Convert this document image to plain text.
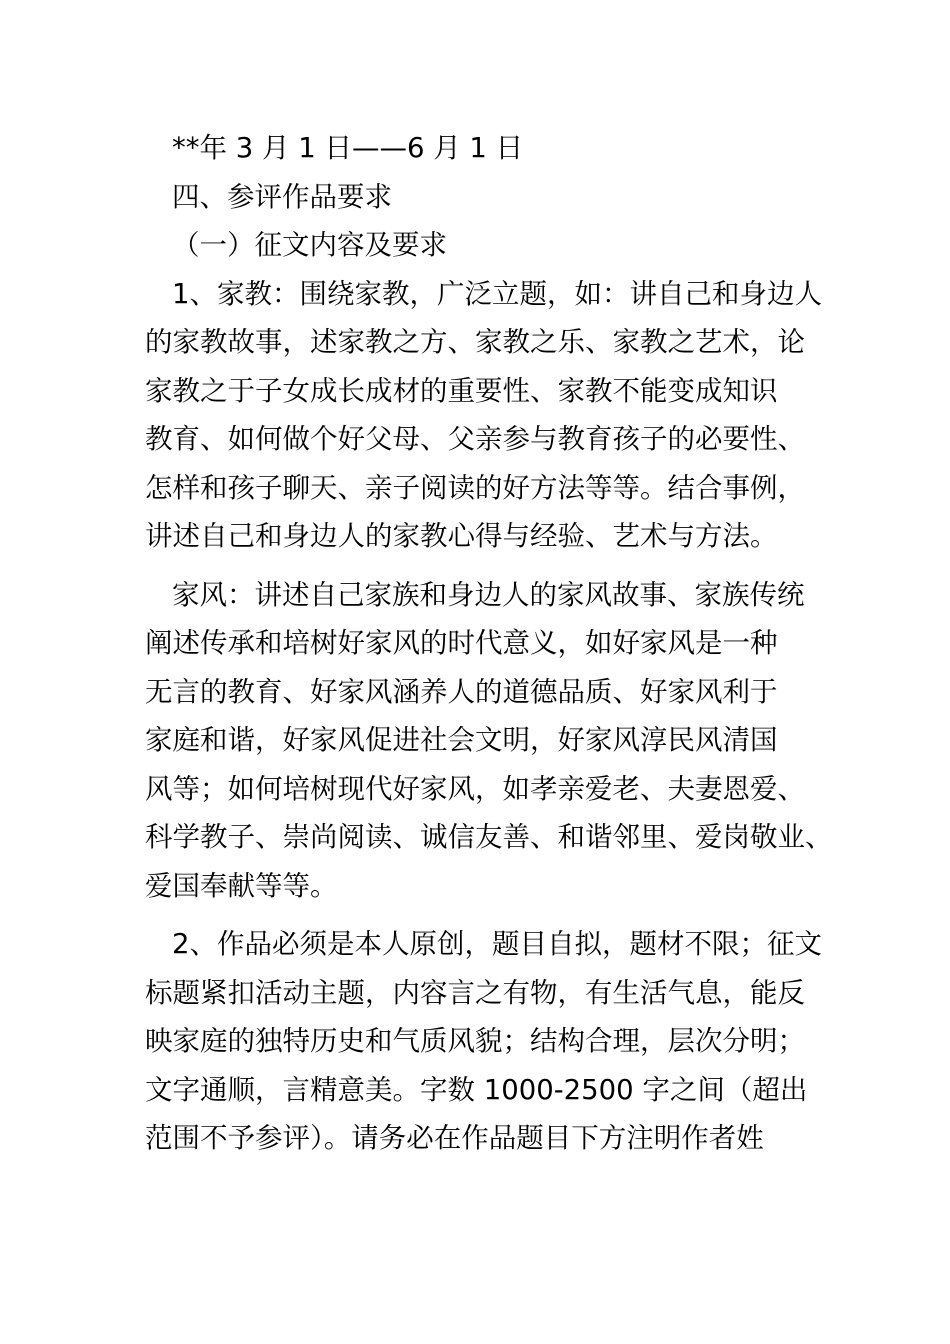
**年 3 月 1 日——6 月 1 日
四、参评作品要求
（一）征文内容及要求
1、家教：围绕家教，广泛立题，如：讲自己和身边人
的家教故事，述家教之方、家教之乐、家教之艺术，论
家教之于子女成长成材的重要性、家教不能变成知识
教育、如何做个好父母、父亲参与教育孩子的必要性、
怎样和孩子聊天、亲子阅读的好方法等等。结合事例，
讲述自己和身边人的家教心得与经验、艺术与方法。
家风：讲述自己家族和身边人的家风故事、家族传统
阐述传承和培树好家风的时代意义，如好家风是一种
无言的教育、好家风涵养人的道德品质、好家风利于
家庭和谐，好家风促进社会文明，好家风淳民风清国
风等；如何培树现代好家风，如孝亲爱老、夫妻恩爱、
科学教子、崇尚阅读、诚信友善、和谐邻里、爱岗敬业、
爱国奉献等等。
2、作品必须是本人原创，题目自拟，题材不限；征文
标题紧扣活动主题，内容言之有物，有生活气息，能反
映家庭的独特历史和气质风貌；结构合理，层次分明；
文字通顺，言精意美。字数 1000-2500 字之间（超出
范围不予参评）。请务必在作品题目下方注明作者姓
